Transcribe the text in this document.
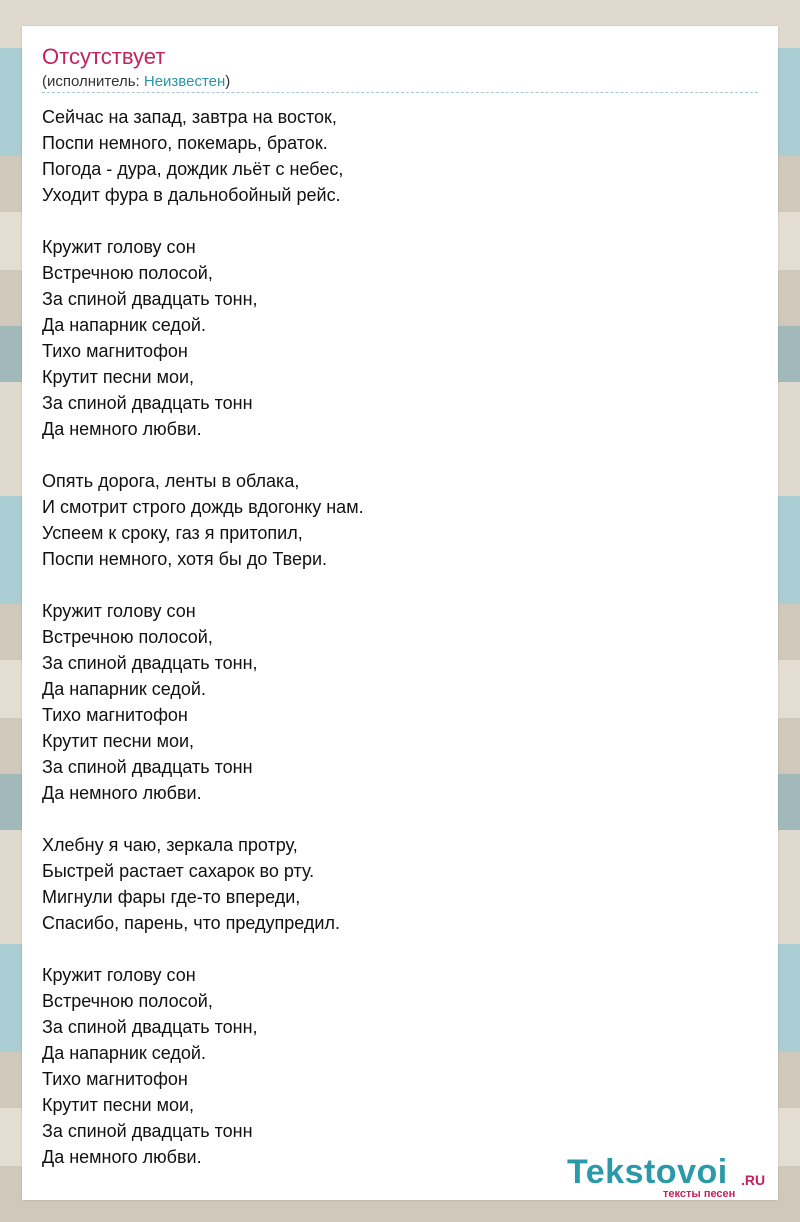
Отсутствует
(исполнитель: Неизвестен)
Сейчас на запад, завтра на восток,
Поспи немного, покемарь, браток.
Погода - дура, дождик льёт с небес,
Уходит фура в дальнобойный рейс.
Кружит голову сон
Встречною полосой,
За спиной двадцать тонн,
Да напарник седой.
Тихо магнитофон
Крутит песни мои,
За спиной двадцать тонн
Да немного любви.
Опять дорога, ленты в облака,
И смотрит строго дождь вдогонку нам.
Успеем к сроку, газ я притопил,
Поспи немного, хотя бы до Твери.
Кружит голову сон
Встречною полосой,
За спиной двадцать тонн,
Да напарник седой.
Тихо магнитофон
Крутит песни мои,
За спиной двадцать тонн
Да немного любви.
Хлебну я чаю, зеркала протру,
Быстрей растает сахарок во рту.
Мигнули фары где-то впереди,
Спасибо, парень, что предупредил.
Кружит голову сон
Встречною полосой,
За спиной двадцать тонн,
Да напарник седой.
Тихо магнитофон
Крутит песни мои,
За спиной двадцать тонн
Да немного любви.	Tekstovoi .RU
тексты песен
